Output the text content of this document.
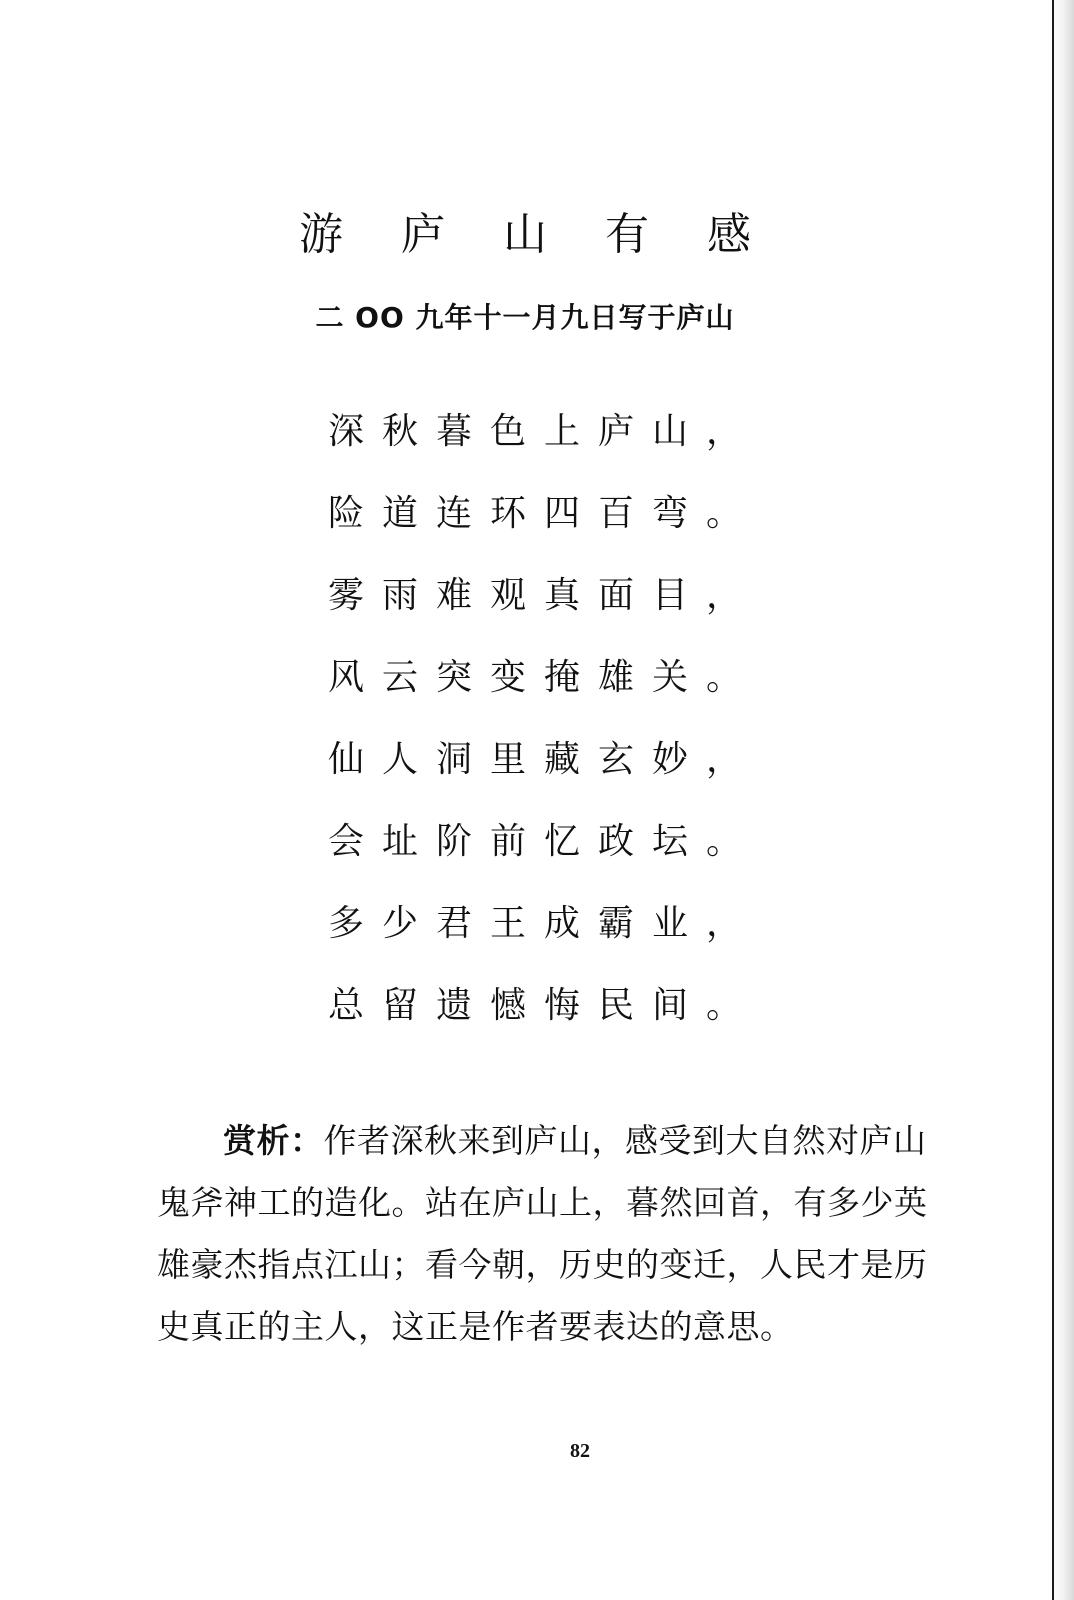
游 庐 山 有 感
二 OO 九年十一月九日写于庐山
深秋暮色上庐山，
险道连环四百弯。
雾雨难观真面目，
风云突变掩雄关。
仙人洞里藏玄妙，
会址阶前忆政坛。
多少君王成霸业，
总留遗憾悔民间。
赏析：作者深秋来到庐山，感受到大自然对庐山鬼斧神工的造化。站在庐山上，暮然回首，有多少英雄豪杰指点江山；看今朝，历史的变迁，人民才是历史真正的主人，这正是作者要表达的意思。
82
